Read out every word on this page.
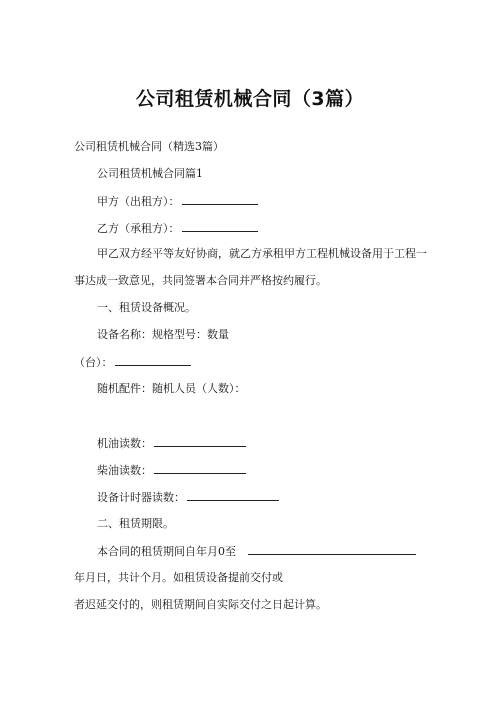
公司租赁机械合同（3篇）
公司租赁机械合同（精选3篇）
公司租赁机械合同篇1
甲方（出租方）：
乙方（承租方）：
甲乙双方经平等友好协商，就乙方承租甲方工程机械设备用于工程一
事达成一致意见，共同签署本合同并严格按约履行。
一、租赁设备概况。
设备名称：规格型号：数量
（台）：
随机配件：随机人员（人数）：
机油读数：
柴油读数：
设备计时器读数：
二、租赁期限。
本合同的租赁期间自年月0至
年月日，共计个月。如租赁设备提前交付或
者迟延交付的，则租赁期间自实际交付之日起计算。
